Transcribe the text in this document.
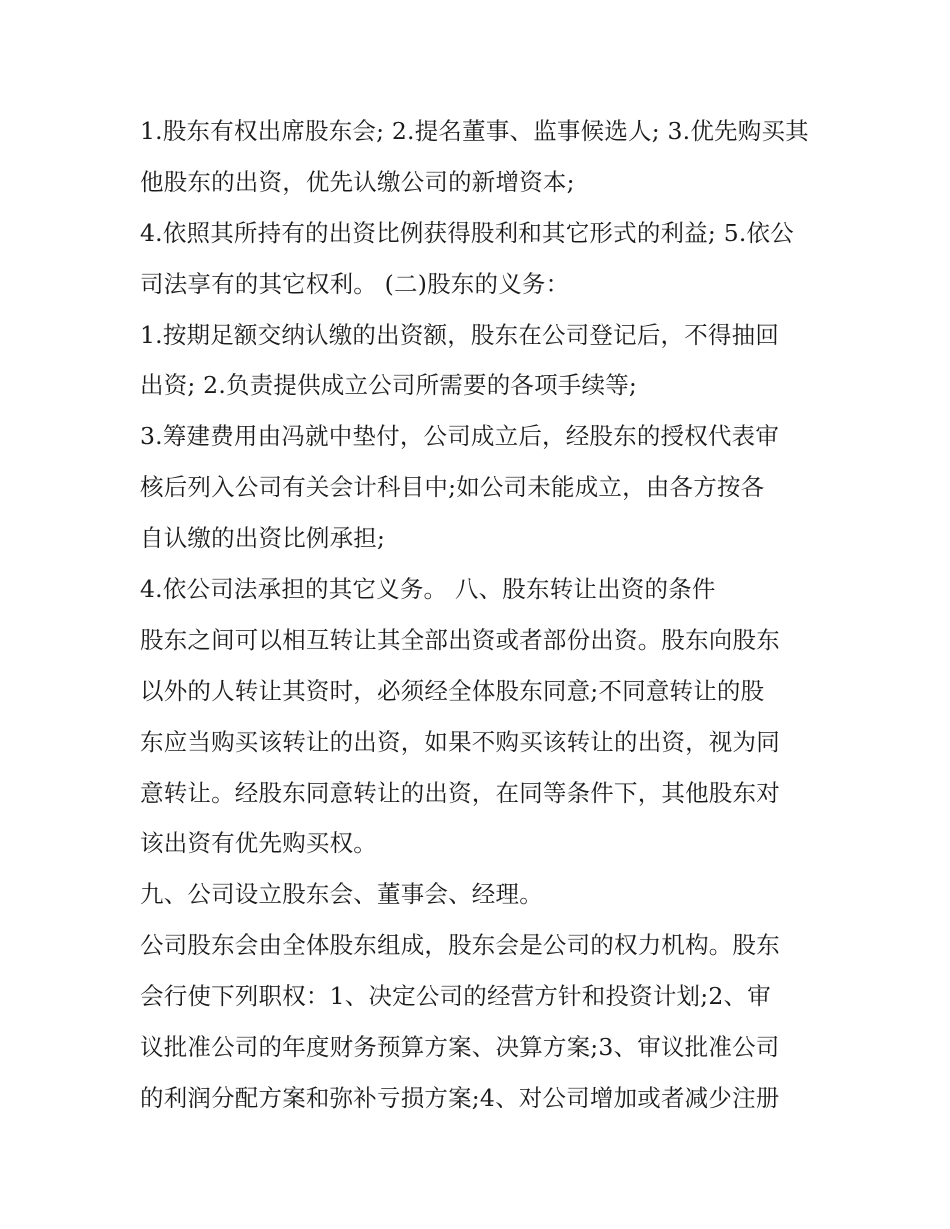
1.股东有权出席股东会; 2.提名董事、监事候选人; 3.优先购买其
他股东的出资，优先认缴公司的新增资本;
4.依照其所持有的出资比例获得股利和其它形式的利益; 5.依公
司法享有的其它权利。 (二)股东的义务：
1.按期足额交纳认缴的出资额，股东在公司登记后，不得抽回
出资; 2.负责提供成立公司所需要的各项手续等;
3.筹建费用由冯就中垫付，公司成立后，经股东的授权代表审
核后列入公司有关会计科目中;如公司未能成立，由各方按各
自认缴的出资比例承担;
4.依公司法承担的其它义务。 八、股东转让出资的条件
股东之间可以相互转让其全部出资或者部份出资。股东向股东
以外的人转让其资时，必须经全体股东同意;不同意转让的股
东应当购买该转让的出资，如果不购买该转让的出资，视为同
意转让。经股东同意转让的出资，在同等条件下，其他股东对
该出资有优先购买权。
九、公司设立股东会、董事会、经理。
公司股东会由全体股东组成，股东会是公司的权力机构。股东
会行使下列职权：1、决定公司的经营方针和投资计划;2、审
议批准公司的年度财务预算方案、决算方案;3、审议批准公司
的利润分配方案和弥补亏损方案;4、对公司增加或者减少注册
